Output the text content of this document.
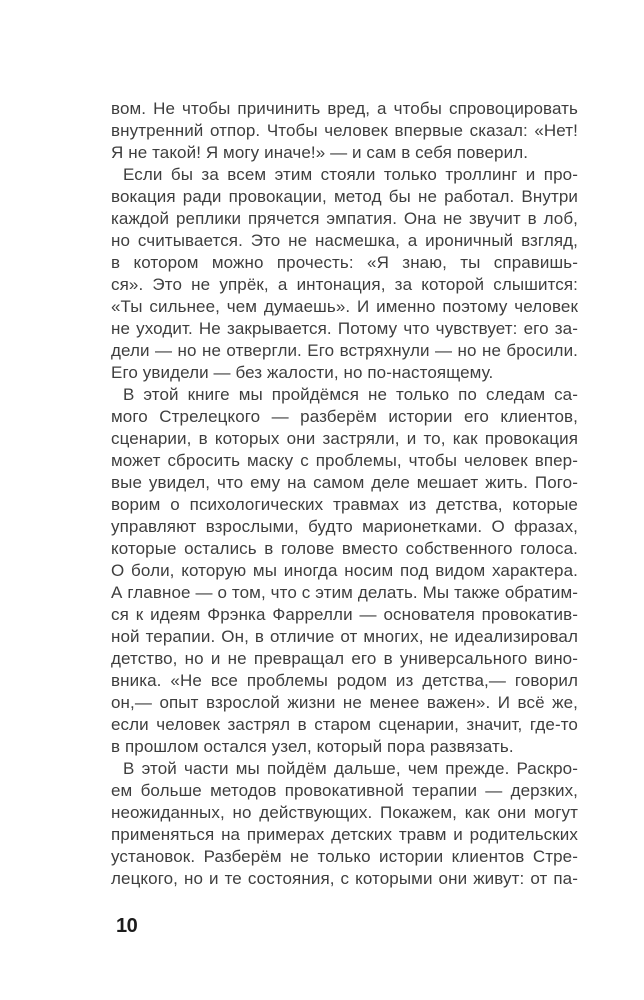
вом. Не чтобы причинить вред, а чтобы спровоцировать
внутренний отпор. Чтобы человек впервые сказал: «Нет!
Я не такой! Я могу иначе!» — и сам в себя поверил.
Если бы за всем этим стояли только троллинг и про-
вокация ради провокации, метод бы не работал. Внутри
каждой реплики прячется эмпатия. Она не звучит в лоб,
но считывается. Это не насмешка, а ироничный взгляд,
в котором можно прочесть: «Я знаю, ты справишь-
ся». Это не упрёк, а интонация, за которой слышится:
«Ты сильнее, чем думаешь». И именно поэтому человек
не уходит. Не закрывается. Потому что чувствует: его за-
дели — но не отвергли. Его встряхнули — но не бросили.
Его увидели — без жалости, но по-настоящему.
В этой книге мы пройдёмся не только по следам са-
мого Стрелецкого — разберём истории его клиентов,
сценарии, в которых они застряли, и то, как провокация
может сбросить маску с проблемы, чтобы человек впер-
вые увидел, что ему на самом деле мешает жить. Пого-
ворим о психологических травмах из детства, которые
управляют взрослыми, будто марионетками. О фразах,
которые остались в голове вместо собственного голоса.
О боли, которую мы иногда носим под видом характера.
А главное — о том, что с этим делать. Мы также обратим-
ся к идеям Фрэнка Фаррелли — основателя провокатив-
ной терапии. Он, в отличие от многих, не идеализировал
детство, но и не превращал его в универсального вино-
вника. «Не все проблемы родом из детства,— говорил
он,— опыт взрослой жизни не менее важен». И всё же,
если человек застрял в старом сценарии, значит, где-то
в прошлом остался узел, который пора развязать.
В этой части мы пойдём дальше, чем прежде. Раскро-
ем больше методов провокативной терапии — дерзких,
неожиданных, но действующих. Покажем, как они могут
применяться на примерах детских травм и родительских
установок. Разберём не только истории клиентов Стре-
лецкого, но и те состояния, с которыми они живут: от па-
10
